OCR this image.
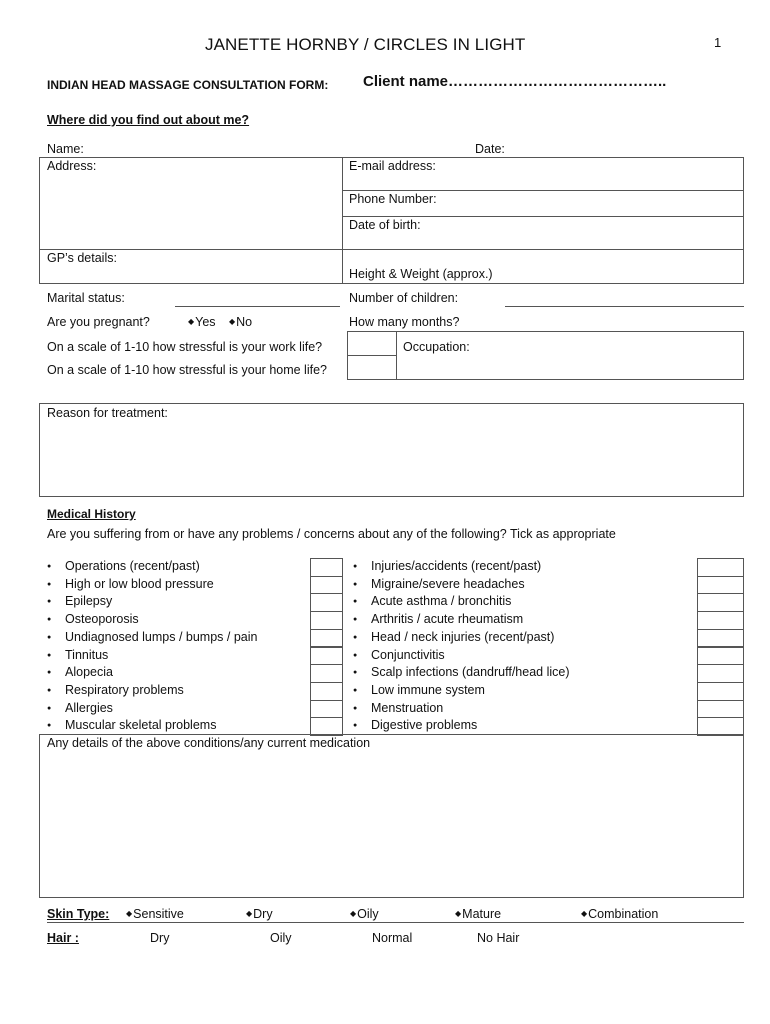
JANETTE HORNBY / CIRCLES IN LIGHT	1
INDIAN HEAD MASSAGE CONSULTATION FORM: Client name……………………………………..
Where did you find out about me?
Name:	Date:
Address:	E-mail address:
Phone Number:
Date of birth:
GP’s details:
Height & Weight (approx.)
Marital status:	Number of children:
Are you pregnant?	◆Yes ◆No	How many months?
On a scale of 1-10 how stressful is your work life?
On a scale of 1-10 how stressful is your home life?
Occupation:
Reason for treatment:
Medical History
Are you suffering from or have any problems / concerns about any of the following? Tick as appropriate
● Operations (recent/past)
● High or low blood pressure
● Epilepsy
● Osteoporosis
● Undiagnosed lumps / bumps / pain
● Tinnitus
● Alopecia
● Respiratory problems
● Allergies
● Muscular skeletal problems
● Injuries/accidents (recent/past)
● Migraine/severe headaches
● Acute asthma / bronchitis
● Arthritis / acute rheumatism
● Head / neck injuries (recent/past)
● Conjunctivitis
● Scalp infections (dandruff/head lice)
● Low immune system
● Menstruation
● Digestive problems
Any details of the above conditions/any current medication
Skin Type: ◆Sensitive	◆Dry	◆Oily	◆Mature	◆Combination
Hair :	Dry	Oily	Normal	No Hair
